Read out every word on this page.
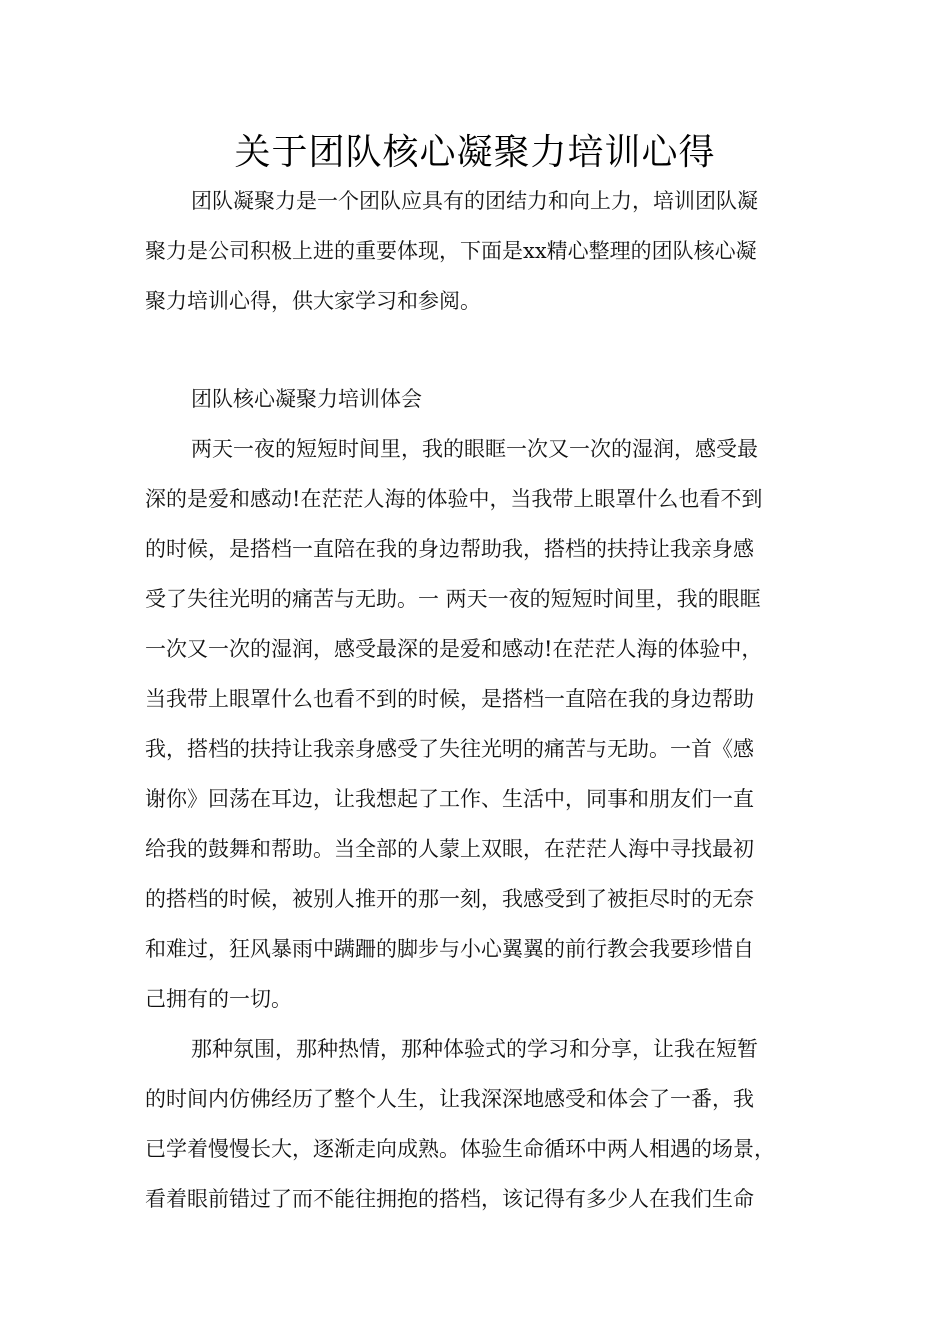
关于团队核心凝聚力培训心得
团队凝聚力是一个团队应具有的团结力和向上力，培训团队凝
聚力是公司积极上进的重要体现，下面是xx精心整理的团队核心凝
聚力培训心得，供大家学习和参阅。
团队核心凝聚力培训体会
两天一夜的短短时间里，我的眼眶一次又一次的湿润，感受最
深的是爱和感动!在茫茫人海的体验中，当我带上眼罩什么也看不到
的时候，是搭档一直陪在我的身边帮助我，搭档的扶持让我亲身感
受了失往光明的痛苦与无助。一 两天一夜的短短时间里，我的眼眶
一次又一次的湿润，感受最深的是爱和感动!在茫茫人海的体验中，
当我带上眼罩什么也看不到的时候，是搭档一直陪在我的身边帮助
我，搭档的扶持让我亲身感受了失往光明的痛苦与无助。一首《感
谢你》回荡在耳边，让我想起了工作、生活中，同事和朋友们一直
给我的鼓舞和帮助。当全部的人蒙上双眼，在茫茫人海中寻找最初
的搭档的时候，被别人推开的那一刻，我感受到了被拒尽时的无奈
和难过，狂风暴雨中蹒跚的脚步与小心翼翼的前行教会我要珍惜自
己拥有的一切。
那种氛围，那种热情，那种体验式的学习和分享，让我在短暂
的时间内仿佛经历了整个人生，让我深深地感受和体会了一番，我
已学着慢慢长大，逐渐走向成熟。体验生命循环中两人相遇的场景，
看着眼前错过了而不能往拥抱的搭档，该记得有多少人在我们生命
